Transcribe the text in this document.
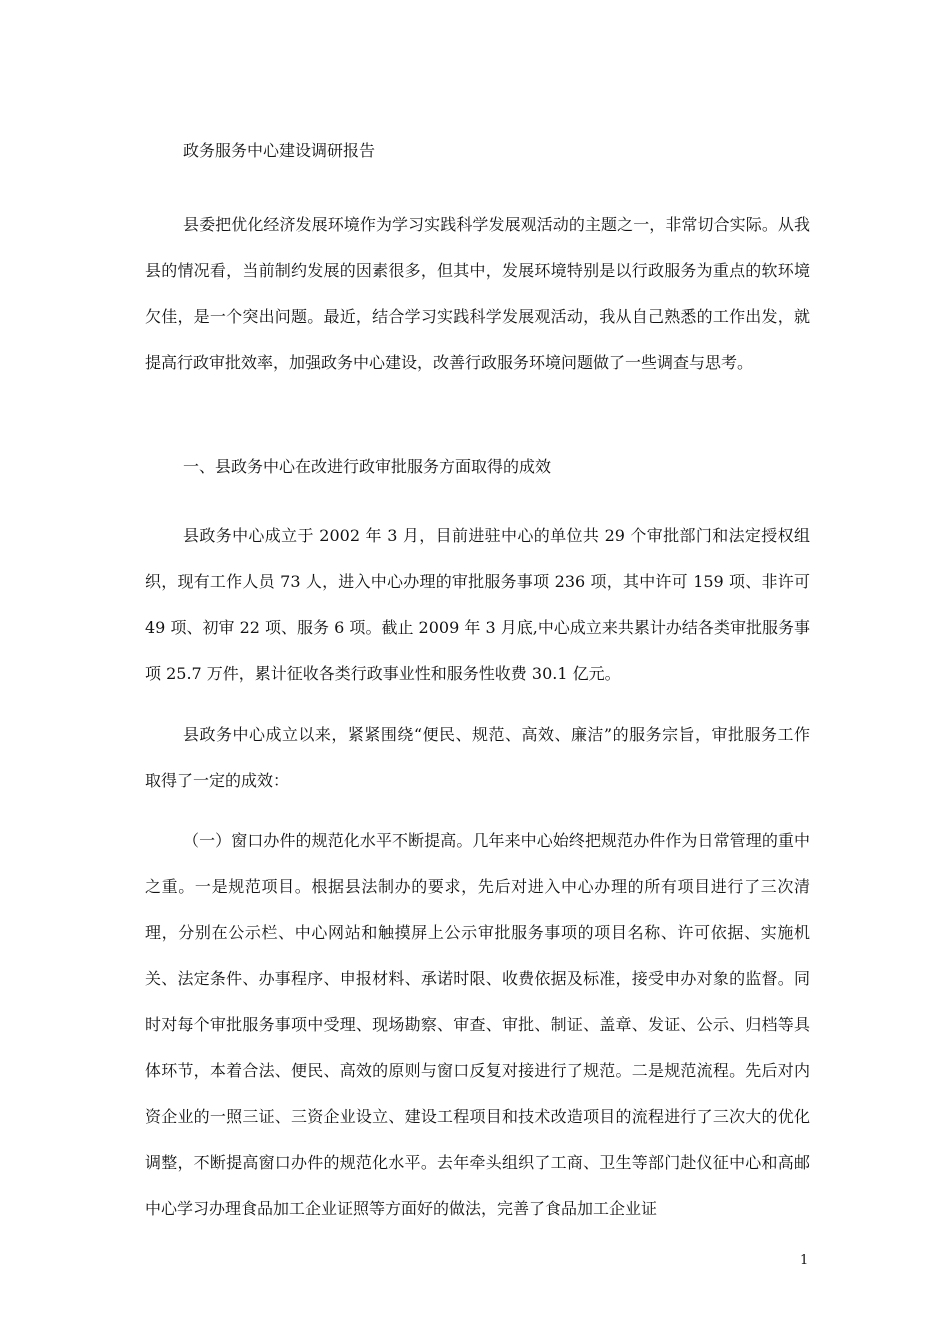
政务服务中心建设调研报告

县委把优化经济发展环境作为学习实践科学发展观活动的主题之一，非常切合实际。从我县的情况看，当前制约发展的因素很多，但其中，发展环境特别是以行政服务为重点的软环境欠佳，是一个突出问题。最近，结合学习实践科学发展观活动，我从自己熟悉的工作出发，就提高行政审批效率，加强政务中心建设，改善行政服务环境问题做了一些调查与思考。

一、县政务中心在改进行政审批服务方面取得的成效

县政务中心成立于 2002 年 3 月，目前进驻中心的单位共 29 个审批部门和法定授权组织，现有工作人员 73 人，进入中心办理的审批服务事项 236 项，其中许可 159 项、非许可 49 项、初审 22 项、服务 6 项。截止 2009 年 3 月底,中心成立来共累计办结各类审批服务事项 25.7 万件，累计征收各类行政事业性和服务性收费 30.1 亿元。

县政务中心成立以来，紧紧围绕“便民、规范、高效、廉洁”的服务宗旨，审批服务工作 取得了一定的成效：

（一）窗口办件的规范化水平不断提高。几年来中心始终把规范办件作为日常管理的重中之重。一是规范项目。根据县法制办的要求，先后对进入中心办理的所有项目进行了三次清理，分别在公示栏、中心网站和触摸屏上公示审批服务事项的项目名称、许可依据、实施机关、法定条件、办事程序、申报材料、承诺时限、收费依据及标准，接受申办对象的监督。同时对每个审批服务事项中受理、现场勘察、审查、审批、制证、盖章、发证、公示、归档等具体环节，本着合法、便民、高效的原则与窗口反复对接进行了规范。二是规范流程。先后对内资企业的一照三证、三资企业设立、建设工程项目和技术改造项目的流程进行了三次大的优化调整，不断提高窗口办件的规范化水平。去年牵头组织了工商、卫生等部门赴仪征中心和高邮中心学习办理食品加工企业证照等方面好的做法，完善了食品加工企业证

1
